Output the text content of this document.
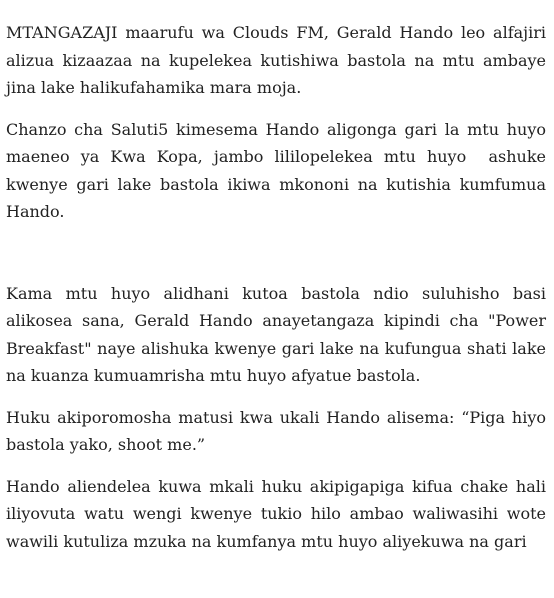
MTANGAZAJI maarufu wa Clouds FM, Gerald Hando leo alfajiri alizua kizaazaa na kupelekea kutishiwa bastola na mtu ambaye jina lake halikufahamika mara moja.

Chanzo cha Saluti5 kimesema Hando aligonga gari la mtu huyo maeneo ya Kwa Kopa, jambo lililopelekea mtu huyo  ashuke kwenye gari lake bastola ikiwa mkononi na kutishia kumfumua Hando.

Kama mtu huyo alidhani kutoa bastola ndio suluhisho basi alikosea sana, Gerald Hando anayetangaza kipindi cha "Power Breakfast" naye alishuka kwenye gari lake na kufungua shati lake na kuanza kumuamrisha mtu huyo afyatue bastola.

Huku akiporomosha matusi kwa ukali Hando alisema: “Piga hiyo bastola yako, shoot me.”

Hando aliendelea kuwa mkali huku akipigapiga kifua chake hali iliyovuta watu wengi kwenye tukio hilo ambao waliwasihi wote wawili kutuliza mzuka na kumfanya mtu huyo aliyekuwa na gari
